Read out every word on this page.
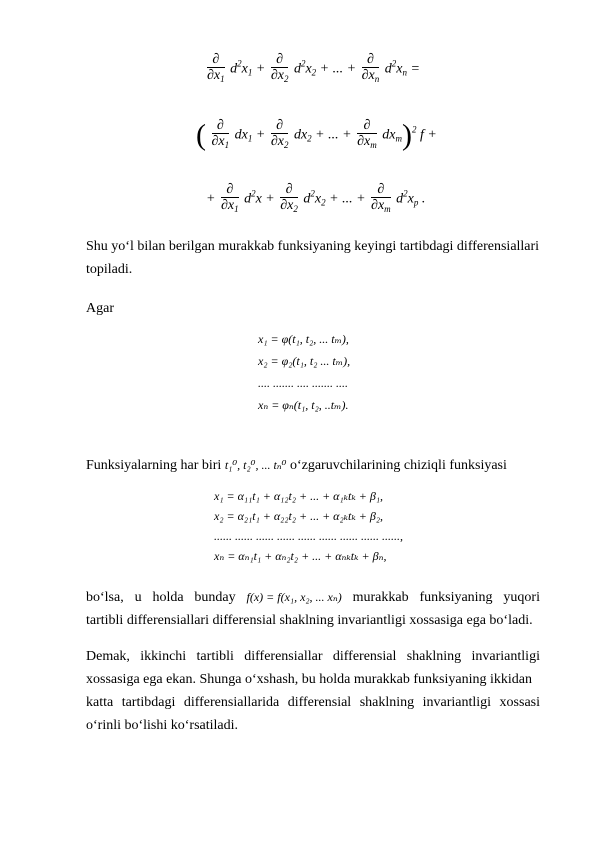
$\frac{\partial}{\partial x_1} d^2x_1 + \frac{\partial}{\partial x_2} d^2x_2$ + ... + $\frac{\partial}{\partial x_n} d^2x_n$ =
( $\frac{\partial}{\partial x_1} dx_1 + \frac{\partial}{\partial x_2} dx_2$ + ... + $\frac{\partial}{\partial x_m} dx_m)^2$ f +
+ $\frac{\partial}{\partial x_1} d^2x + \frac{\partial}{\partial x_2} d^2x_2$ + ... + $\frac{\partial}{\partial x_m} d^2x_p$ .
Shu yo‘l bilan berilgan murakkab funksiyaning keyingi tartibdagi differensiallari
topiladi.
Agar
x₁ = φ(t₁, t₂, ... tₘ),
x₂ = φ₂(t₁, t₂ ... tₘ),
.... ....... .... ....... ....
xₙ = φₙ(t₁, t₂, ..tₘ).
Funksiyalarning har biri t₁⁰, t₂⁰, ... tₙ⁰ o‘zgaruvchilarining chiziqli funksiyasi
x₁ = α₁₁t₁ + α₁₂t₂ + ... + α₁ₖtₖ + β₁,
x₂ = α₂₁t₁ + α₂₂t₂ + ... + α₂ₖtₖ + β₂,
...... ...... ...... ...... ...... ...... ...... ...... ......,
xₙ = αₙ₁t₁ + αₙ₂t₂ + ... + αₙₖtₖ + βₙ,
bo‘lsa, u holda bunday f(x) = f(x₁, x₂, ... xₙ) murakkab funksiyaning yuqori
tartibli differensiallari differensial shaklning invariantligi xossasiga ega bo‘ladi.
Demak, ikkinchi tartibli differensiallar differensial shaklning invariantligi
xossasiga ega ekan. Shunga o‘xshash, bu holda murakkab funksiyaning ikkidan
katta tartibdagi differensiallarida differensial shaklning invariantligi xossasi
o‘rinli bo‘lishi ko‘rsatiladi.
